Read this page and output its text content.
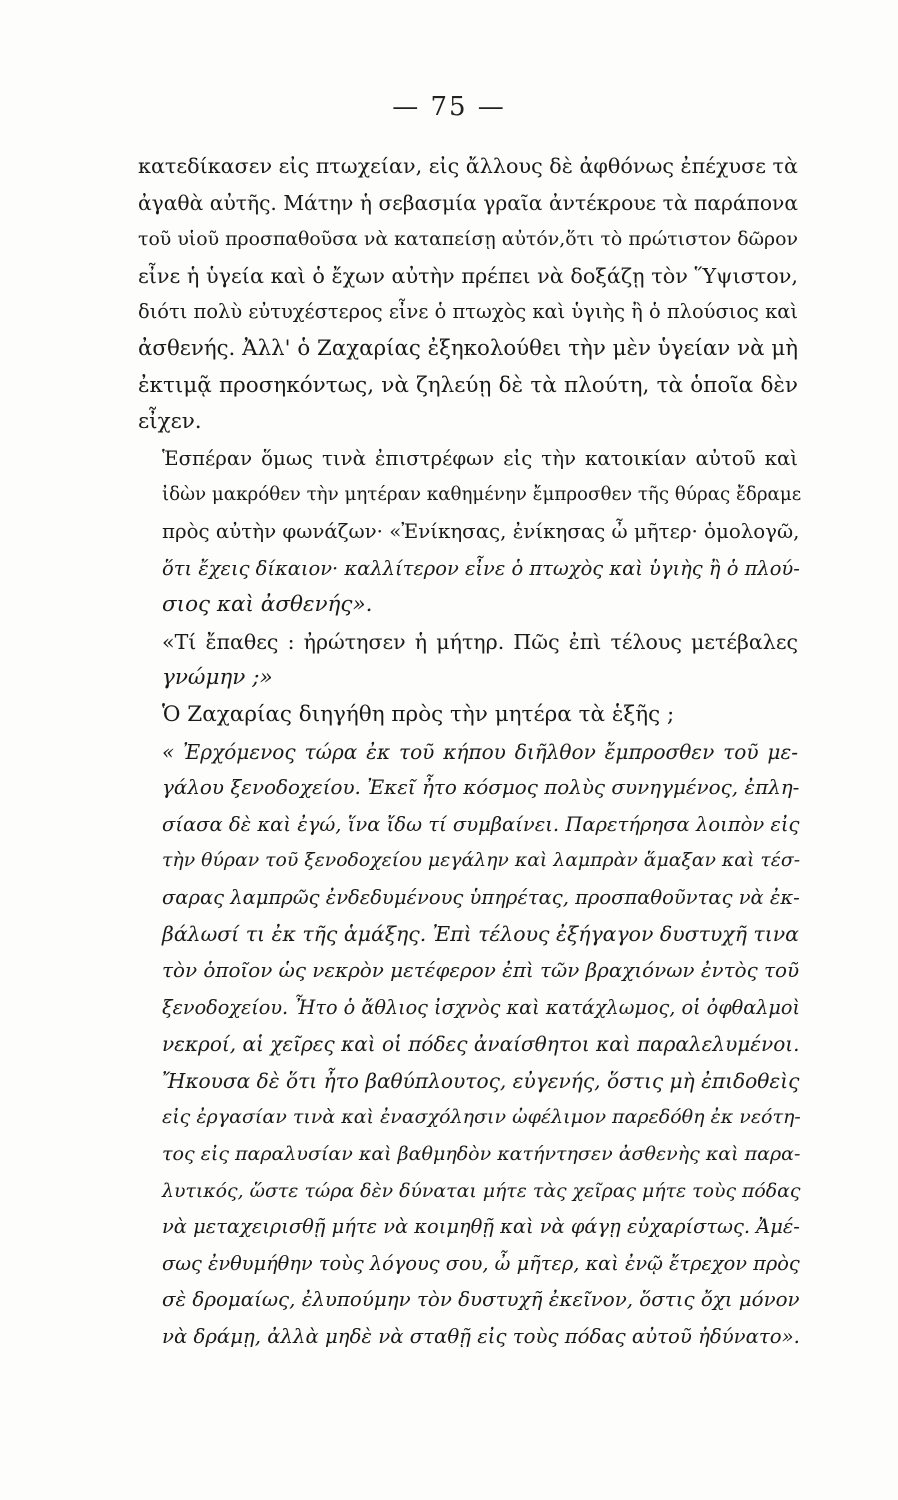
— 75 —

κατεδίκασεν εἰς πτωχείαν, εἰς ἄλλους δὲ ἀφθόνως ἐπέχυσε τὰ
ἀγαθὰ αὐτῆς. Μάτην ἡ σεβασμία γραῖα ἀντέκρουε τὰ παράπονα
τοῦ υἱοῦ προσπαθοῦσα νὰ καταπείσῃ αὐτόν,ὅτι τὸ πρώτιστον δῶρον
εἶνε ἡ ὑγεία καὶ ὁ ἔχων αὐτὴν πρέπει νὰ δοξάζῃ τὸν Ὕψιστον,
διότι πολὺ εὐτυχέστερος εἶνε ὁ πτωχὸς καὶ ὑγιὴς ἢ ὁ πλούσιος καὶ
ἀσθενής. Ἀλλ' ὁ Ζαχαρίας ἐξηκολούθει τὴν μὲν ὑγείαν νὰ μὴ
ἐκτιμᾷ προσηκόντως, νὰ ζηλεύῃ δὲ τὰ πλούτη, τὰ ὁποῖα δὲν
εἶχεν.

Ἑσπέραν ὅμως τινὰ ἐπιστρέφων εἰς τὴν κατοικίαν αὐτοῦ καὶ
ἰδὼν μακρόθεν τὴν μητέραν καθημένην ἔμπροσθεν τῆς θύρας ἔδραμε
πρὸς αὐτὴν φωνάζων· «Ἐνίκησας, ἐνίκησας ὦ μῆτερ· ὁμολογῶ,
ὅτι ἔχεις δίκαιον· καλλίτερον εἶνε ὁ πτωχὸς καὶ ὑγιὴς ἢ ὁ πλού-
σιος καὶ ἀσθενής».

«Τί ἔπαθες : ἠρώτησεν ἡ μήτηρ. Πῶς ἐπὶ τέλους μετέβαλες
γνώμην ;»

Ὁ Ζαχαρίας διηγήθη πρὸς τὴν μητέρα τὰ ἑξῆς ;

« Ἐρχόμενος τώρα ἐκ τοῦ κήπου διῆλθον ἔμπροσθεν τοῦ με-
γάλου ξενοδοχείου. Ἐκεῖ ἦτο κόσμος πολὺς συνηγμένος, ἐπλη-
σίασα δὲ καὶ ἐγώ, ἵνα ἴδω τί συμβαίνει. Παρετήρησα λοιπὸν εἰς
τὴν θύραν τοῦ ξενοδοχείου μεγάλην καὶ λαμπρὰν ἅμαξαν καὶ τέσ-
σαρας λαμπρῶς ἐνδεδυμένους ὑπηρέτας, προσπαθοῦντας νὰ ἐκ-
βάλωσί τι ἐκ τῆς ἁμάξης. Ἐπὶ τέλους ἐξήγαγον δυστυχῆ τινα
τὸν ὁποῖον ὡς νεκρὸν μετέφερον ἐπὶ τῶν βραχιόνων ἐντὸς τοῦ
ξενοδοχείου. Ἦτο ὁ ἄθλιος ἰσχνὸς καὶ κατάχλωμος, οἱ ὀφθαλμοὶ
νεκροί, αἱ χεῖρες καὶ οἱ πόδες ἀναίσθητοι καὶ παραλελυμένοι.
Ἤκουσα δὲ ὅτι ἦτο βαθύπλουτος, εὐγενής, ὅστις μὴ ἐπιδοθεὶς
εἰς ἐργασίαν τινὰ καὶ ἐνασχόλησιν ὠφέλιμον παρεδόθη ἐκ νεότη-
τος εἰς παραλυσίαν καὶ βαθμηδὸν κατήντησεν ἀσθενὴς καὶ παρα-
λυτικός, ὥστε τώρα δὲν δύναται μήτε τὰς χεῖρας μήτε τοὺς πόδας
νὰ μεταχειρισθῇ μήτε νὰ κοιμηθῇ καὶ νὰ φάγῃ εὐχαρίστως. Ἀμέ-
σως ἐνθυμήθην τοὺς λόγους σου, ὦ μῆτερ, καὶ ἐνῷ ἔτρεχον πρὸς
σὲ δρομαίως, ἐλυπούμην τὸν δυστυχῆ ἐκεῖνον, ὅστις ὄχι μόνον
νὰ δράμῃ, ἀλλὰ μηδὲ νὰ σταθῇ εἰς τοὺς πόδας αὐτοῦ ἠδύνατο».
